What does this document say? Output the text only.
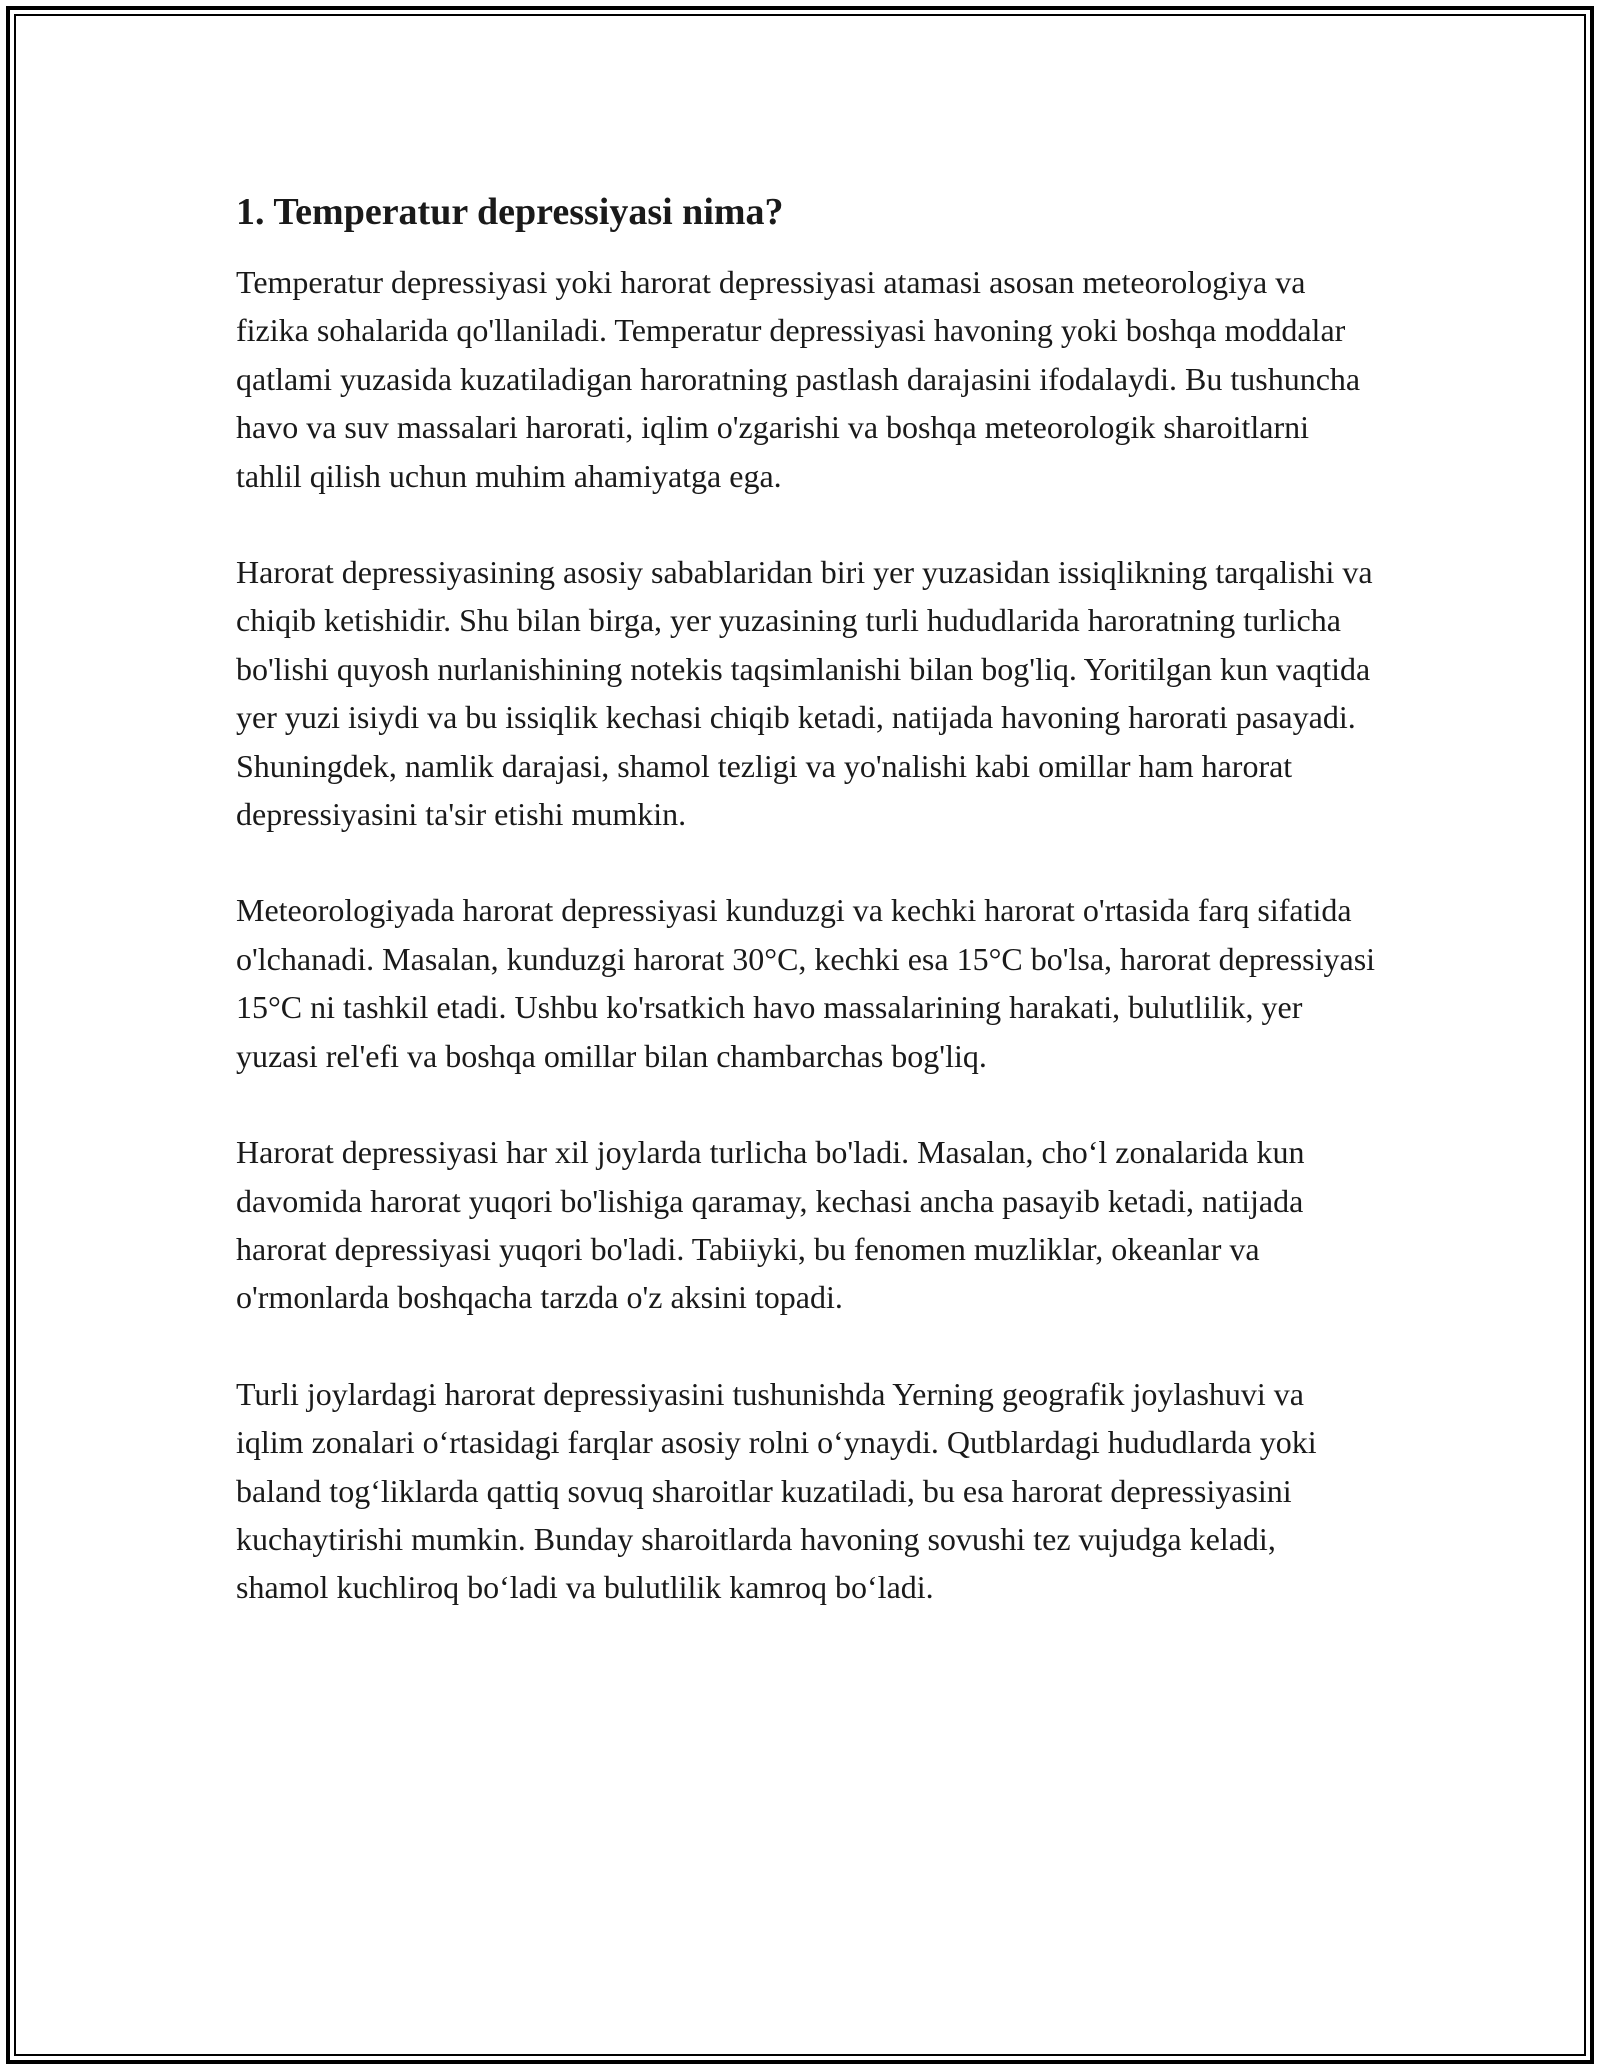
1. Temperatur depressiyasi nima?

Temperatur depressiyasi yoki harorat depressiyasi atamasi asosan meteorologiya va fizika sohalarida qo'llaniladi. Temperatur depressiyasi havoning yoki boshqa moddalar qatlami yuzasida kuzatiladigan haroratning pastlash darajasini ifodalaydi. Bu tushuncha havo va suv massalari harorati, iqlim o'zgarishi va boshqa meteorologik sharoitlarni tahlil qilish uchun muhim ahamiyatga ega.

Harorat depressiyasining asosiy sabablaridan biri yer yuzasidan issiqlikning tarqalishi va chiqib ketishidir. Shu bilan birga, yer yuzasining turli hududlarida haroratning turlicha bo'lishi quyosh nurlanishining notekis taqsimlanishi bilan bog'liq. Yoritilgan kun vaqtida yer yuzi isiydi va bu issiqlik kechasi chiqib ketadi, natijada havoning harorati pasayadi. Shuningdek, namlik darajasi, shamol tezligi va yo'nalishi kabi omillar ham harorat depressiyasini ta'sir etishi mumkin.

Meteorologiyada harorat depressiyasi kunduzgi va kechki harorat o'rtasida farq sifatida o'lchanadi. Masalan, kunduzgi harorat 30°C, kechki esa 15°C bo'lsa, harorat depressiyasi 15°C ni tashkil etadi. Ushbu ko'rsatkich havo massalarining harakati, bulutlilik, yer yuzasi rel'efi va boshqa omillar bilan chambarchas bog'liq.

Harorat depressiyasi har xil joylarda turlicha bo'ladi. Masalan, cho‘l zonalarida kun davomida harorat yuqori bo'lishiga qaramay, kechasi ancha pasayib ketadi, natijada harorat depressiyasi yuqori bo'ladi. Tabiiyki, bu fenomen muzliklar, okeanlar va o'rmonlarda boshqacha tarzda o'z aksini topadi.

Turli joylardagi harorat depressiyasini tushunishda Yerning geografik joylashuvi va iqlim zonalari o‘rtasidagi farqlar asosiy rolni o‘ynaydi. Qutblardagi hududlarda yoki baland tog‘liklarda qattiq sovuq sharoitlar kuzatiladi, bu esa harorat depressiyasini kuchaytirishi mumkin. Bunday sharoitlarda havoning sovushi tez vujudga keladi, shamol kuchliroq bo‘ladi va bulutlilik kamroq bo‘ladi.
